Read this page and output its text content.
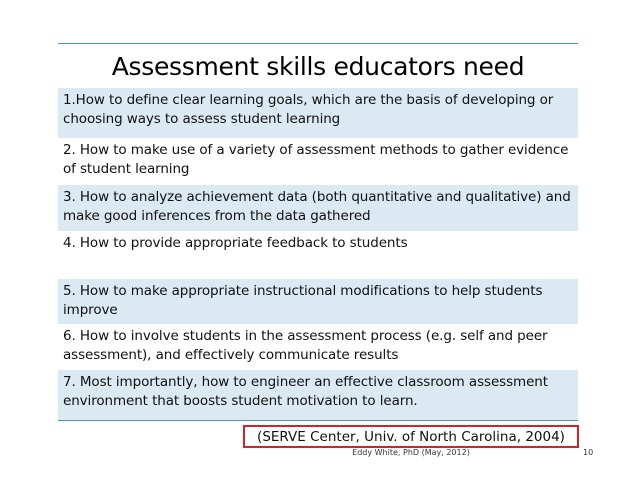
Assessment skills educators need
1.How to define clear learning goals, which are the basis of developing or choosing ways to assess student learning
2. How to make use of a variety of assessment methods to gather evidence of student learning
3. How to analyze achievement data (both quantitative and qualitative) and make good inferences from the data gathered
4. How to provide appropriate feedback to students
5. How to make appropriate instructional modifications to help students improve
6. How to involve students in the assessment process (e.g. self and peer assessment), and effectively communicate results
7. Most importantly, how to engineer an effective classroom assessment environment that boosts student motivation to learn.
(SERVE Center, Univ. of North Carolina, 2004)
Eddy White, PhD (May, 2012)	10
